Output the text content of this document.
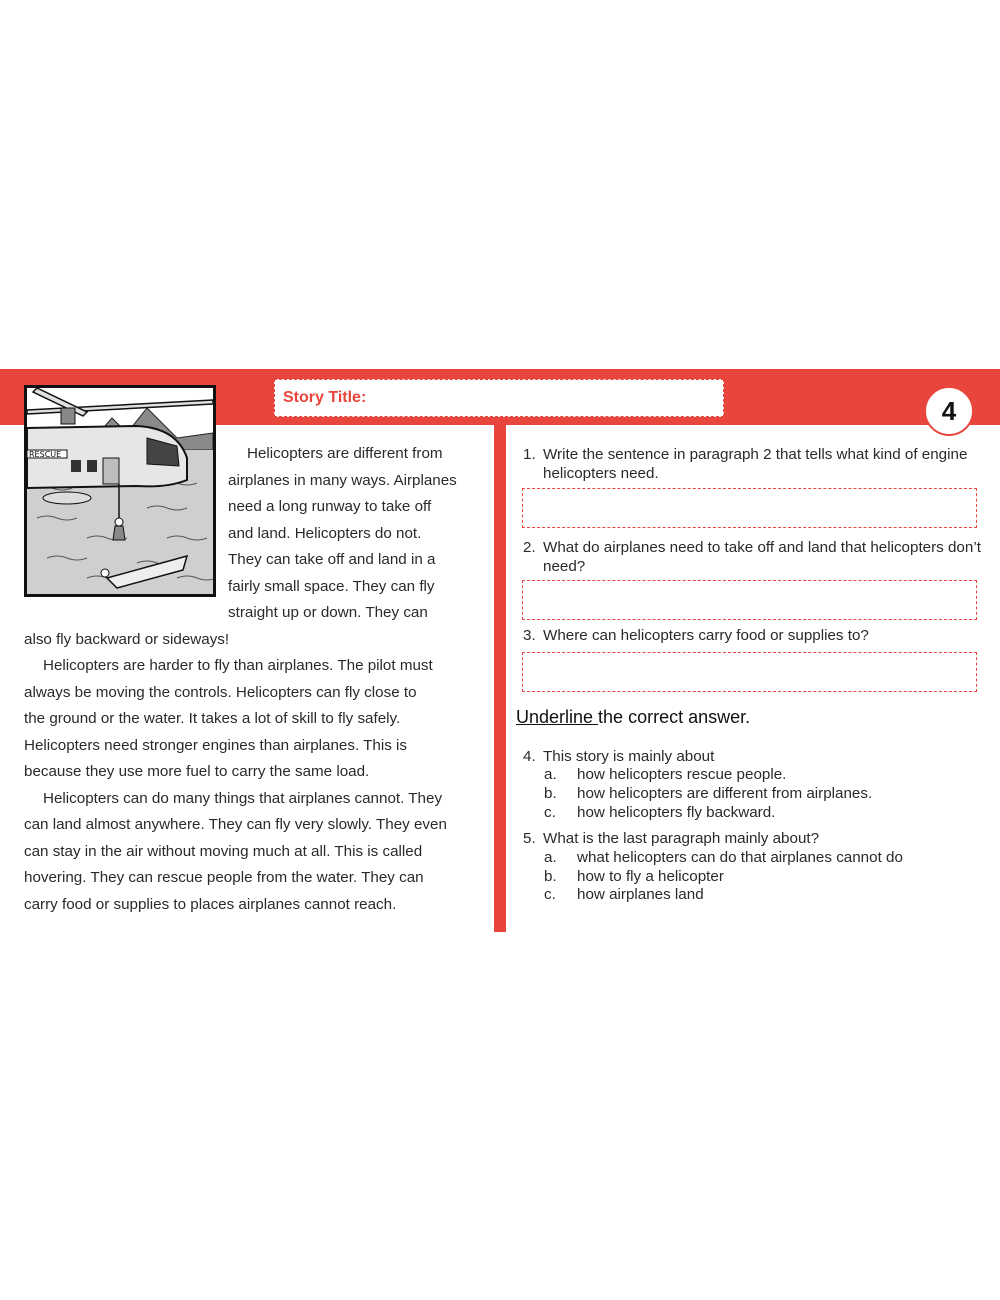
Story Title:	4
RESCUE	Helicopters are different from
airplanes in many ways. Airplanes
need a long runway to take off
and land. Helicopters do not.
They can take off and land in a
fairly small space. They can fly
straight up or down. They can
also fly backward or sideways!
Helicopters are harder to fly than airplanes. The pilot must
always be moving the controls. Helicopters can fly close to
the ground or the water. It takes a lot of skill to fly safely.
Helicopters need stronger engines than airplanes. This is
because they use more fuel to carry the same load.
Helicopters can do many things that airplanes cannot. They
can land almost anywhere. They can fly very slowly. They even
can stay in the air without moving much at all. This is called
hovering. They can rescue people from the water. They can
carry food or supplies to places airplanes cannot reach.
1. Write the sentence in paragraph 2 that tells what kind of engine helicopters need.
2. What do airplanes need to take off and land that helicopters don’t need?
3. Where can helicopters carry food or supplies to?
Underline the correct answer.
4. This story is mainly about
a. how helicopters rescue people.
b. how helicopters are different from airplanes.
c. how helicopters fly backward.
5. What is the last paragraph mainly about?
a. what helicopters can do that airplanes cannot do
b. how to fly a helicopter
c. how airplanes land
